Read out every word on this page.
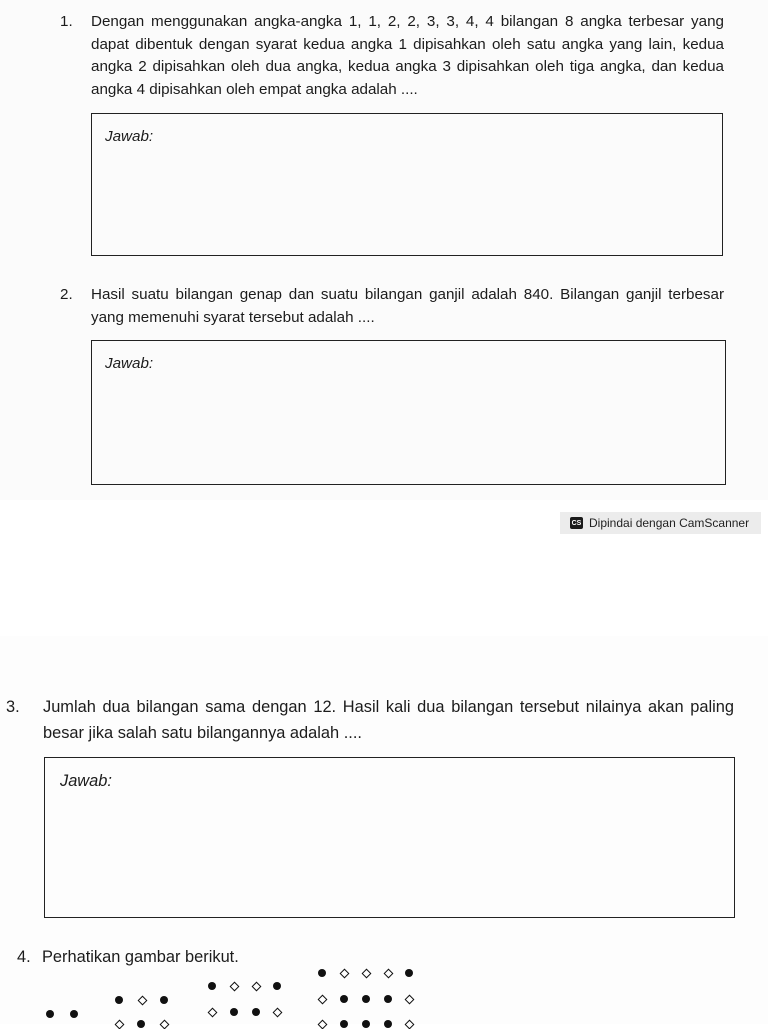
1. Dengan menggunakan angka-angka 1, 1, 2, 2, 3, 3, 4, 4 bilangan 8 angka terbesar yang dapat dibentuk dengan syarat kedua angka 1 dipisahkan oleh satu angka yang lain, kedua angka 2 dipisahkan oleh dua angka, kedua angka 3 dipisahkan oleh tiga angka, dan kedua angka 4 dipisahkan oleh empat angka adalah ....
Jawab:
2. Hasil suatu bilangan genap dan suatu bilangan ganjil adalah 840. Bilangan ganjil terbesar yang memenuhi syarat tersebut adalah ....
Jawab:
CS Dipindai dengan CamScanner
3. Jumlah dua bilangan sama dengan 12. Hasil kali dua bilangan tersebut nilainya akan paling besar jika salah satu bilangannya adalah ....
Jawab:
4. Perhatikan gambar berikut.
